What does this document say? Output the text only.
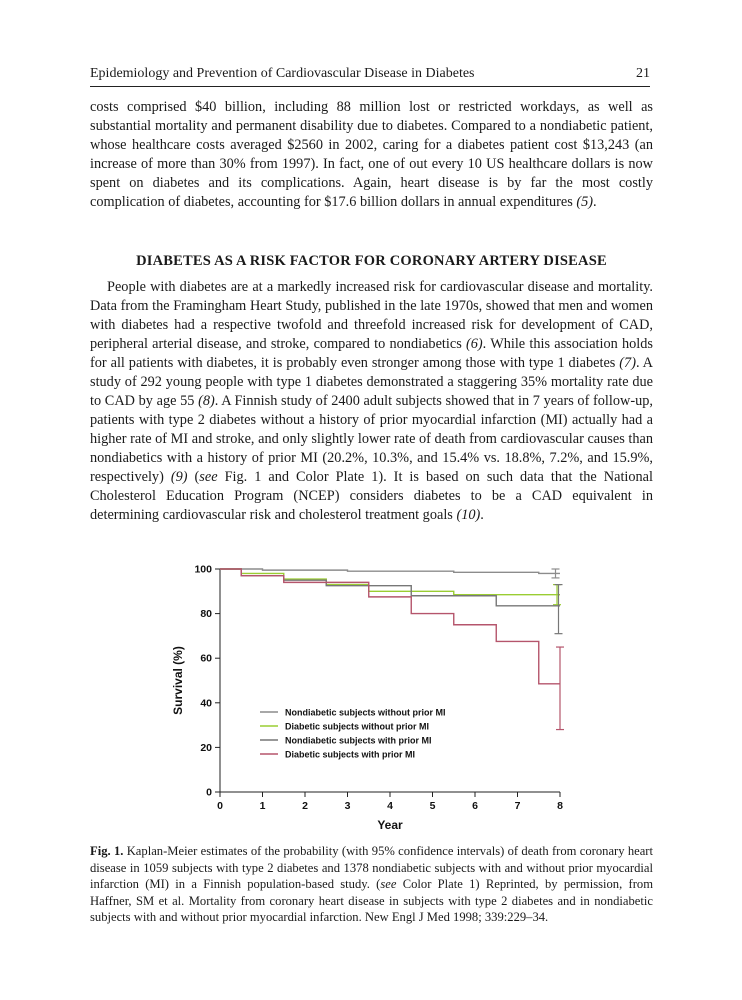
Epidemiology and Prevention of Cardiovascular Disease in Diabetes	21

costs comprised $40 billion, including 88 million lost or restricted workdays, as well as substantial mortality and permanent disability due to diabetes. Compared to a nondiabetic patient, whose healthcare costs averaged $2560 in 2002, caring for a diabetes patient cost $13,243 (an increase of more than 30% from 1997). In fact, one of out every 10 US healthcare dollars is now spent on diabetes and its complications. Again, heart disease is by far the most costly complication of diabetes, accounting for $17.6 billion dollars in annual expenditures (5).

DIABETES AS A RISK FACTOR FOR CORONARY ARTERY DISEASE

People with diabetes are at a markedly increased risk for cardiovascular disease and mortality. Data from the Framingham Heart Study, published in the late 1970s, showed that men and women with diabetes had a respective twofold and threefold increased risk for development of CAD, peripheral arterial disease, and stroke, compared to nondiabetics (6). While this association holds for all patients with diabetes, it is probably even stronger among those with type 1 diabetes (7). A study of 292 young people with type 1 diabetes demonstrated a staggering 35% mortality rate due to CAD by age 55 (8). A Finnish study of 2400 adult subjects showed that in 7 years of follow-up, patients with type 2 diabetes without a history of prior myocardial infarction (MI) actually had a higher rate of MI and stroke, and only slightly lower rate of death from cardiovascular causes than nondiabetics with a history of prior MI (20.2%, 10.3%, and 15.4% vs. 18.8%, 7.2%, and 15.9%, respectively) (9) (see Fig. 1 and Color Plate 1). It is based on such data that the National Cholesterol Education Program (NCEP) considers diabetes to be a CAD equivalent in determining cardiovascular risk and cholesterol treatment goals (10).

0	1	2	3	4	5	6	7	8
0
20
40
60
80
100
Year
Survival (%)	Nondiabetic subjects without prior MI
Diabetic subjects without prior MI
Nondiabetic subjects with prior MI
Diabetic subjects with prior MI

Fig. 1. Kaplan-Meier estimates of the probability (with 95% confidence intervals) of death from coronary heart disease in 1059 subjects with type 2 diabetes and 1378 nondiabetic subjects with and without prior myocardial infarction (MI) in a Finnish population-based study. (see Color Plate 1) Reprinted, by permission, from Haffner, SM et al. Mortality from coronary heart disease in subjects with type 2 diabetes and in nondiabetic subjects with and without prior myocardial infarction. New Engl J Med 1998; 339:229–34.
